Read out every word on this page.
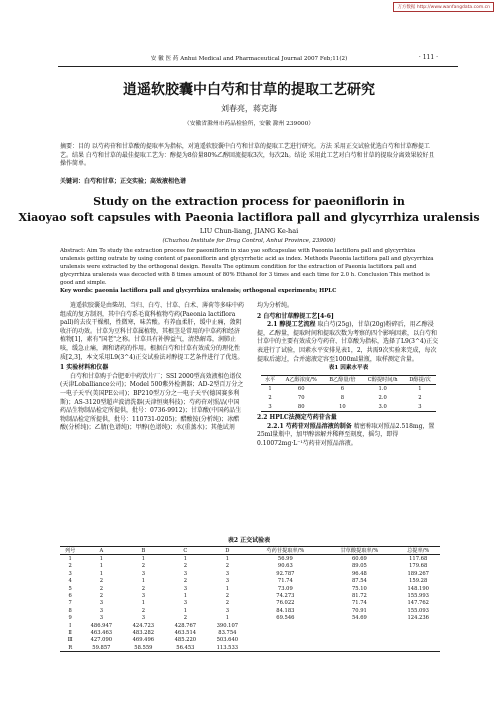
万方数据 http://www.wanfangdata.com.cn
安 徽 医 药 Anhui Medical and Pharmaceutical Journal 2007 Feb;11(2)	· 111 ·
逍遥软胶囊中白芍和甘草的提取工艺研究
刘春亮，蒋克海
（安徽省滁州市药品检验所，安徽 滁州 239000）
摘要：目的 以芍药苷和甘草酸的提取率为指标，对逍遥软胶囊中白芍和甘草的提取工艺进行研究。方法 采用正交试验优选白芍和甘草醇提工艺。结果 白芍和甘草的最佳提取工艺为：醇提为8倍量80%乙醇回流提取3次，每次2h。结论 采用此工艺对白芍和甘草的提取分离效果较好且操作简单。
关键词：白芍和甘草；正交实验；高效液相色谱
Study on the extraction process for paeoniflorin in
Xiaoyao soft capsules with Paeonia lactiflora pall and glycyrrhiza uralensis
LIU Chun-liang, JIANG Ke-hai
(Chuzhou Institute for Drug Control, Anhui Province, 239000)
Abstract: Aim To study the extraction process for paeoniflorin in xiao yao softcapsulae with Paeonia lactiflora pall and glycyrrhiza uralensis getting outrate by using content of paeoniflorin and glycyrrhetic acid as index. Methods Paeonia lactiflora pall and glycyrrhiza uralensis were extracted by the orthogonal design. Results The optimum condition for the extraction of Paeonia lactiflora pall and glycyrrhiza uralensis was decocted with 8 times amount of 80% Ethanol for 3 times and each time for 2.0 h. Conclusion This method is good and simple.
Key words: paeonia lactiflora pall and glycyrrhiza uralensis; orthogonal experiments; HPLC

逍遥软胶囊是由柴胡、当归、白芍、甘草、白术、薄荷等多味中药组成的复方制剂，其中白芍系毛茛科植物芍药(Paeonia lactiflora pall)的去皮干燥根，性微寒，味苦酸。有养血柔肝，缓中止痛，敛阴收汗的功效。甘草为豆科甘草属植物，其根茎是常用的中草药和经济植物[1]，素有"国老"之称。甘草具有补脾益气，清热解毒，润肺止咳，缓急止痛，调和诸药的作用。根据白芍和甘草有效成分的理化性质[2,3]，本文采用L9(3^4)正交试验法对醇提工艺条件进行了优选。

1 实验材料和仪器

白芍和甘草购于合肥亚中药饮片厂；SSI 2000型高效液相色谱仪(天津Loballiance公司)；Model 500紫外检测器；AD-2型百万分之一电子天平(美国PE公司)；BP210型万分之一电子天平(德国赛多利斯)；AS-3120型超声波清洗器(天津恒奥科技)；芍药苷对照品(中国药品生物制品检定所提供，批号：0736-9912)；甘草酸(中国药品生物制品检定所提供，批号：110731-0205)；醋酸铵(分析纯)；冰醋酸(分析纯)；乙腈(色谱纯)；甲醇(色谱纯)；水(重蒸水)；其他试剂

均为分析纯。

2 白芍和甘草醇提工艺[4-6]

2.1 醇提工艺流程 取白芍(25g)，甘草(20g)粉碎后，用乙醇浸提，乙醇量，提取时间和提取次数为考察的四个影响因素，以白芍和甘草中的主要有效成分芍药苷、甘草酸为指标，选择了L9(3^4)正交表进行了试验，因素水平安排见表1，2，共需9次实验来完成，每次提取后滤过，合并滤液定容至1000ml量瓶，取样测定含量。

表1 因素水平表
水平	A乙醇浓度/%	B乙醇量/倍	C醇提时间/h	D醇提/次
1	60	6	1.0	1
2	70	8	2.0	2
3	80	10	3.0	3

2.2 HPLC法测定芍药苷含量

2.2.1 芍药苷对照品溶液的制备 精密称取对照品2.518mg，置25ml量瓶中，加甲醇溶解并稀释至刻度，摇匀，即得0.10072mg·L⁻¹芍药苷对照品溶液。

表2 正交试验表
列号	A	B	C	D	芍药苷提取率/%	甘草酸提取率/%	总提率/%
1	1	1	1	1	56.99	60.69	117.68
2	1	2	2	2	90.63	89.05	179.68
3	1	3	3	3	92.787	96.48	189.267
4	2	1	2	3	71.74	87.54	159.28
5	2	2	3	1	73.09	75.10	148.190
6	2	3	1	2	74.273	81.72	155.993
7	3	1	3	2	76.022	71.74	147.762
8	3	2	1	3	84.183	70.91	155.093
9	3	3	2	1	69.546	54.69	124.236
Ⅰ	486.947	424.723	428.767	390.107			
Ⅱ	463.463	483.282	463.514	83.754			
Ⅲ	427.090	469.496	485.220	503.640			
R	59.857	58.559	56.453	113.533			
